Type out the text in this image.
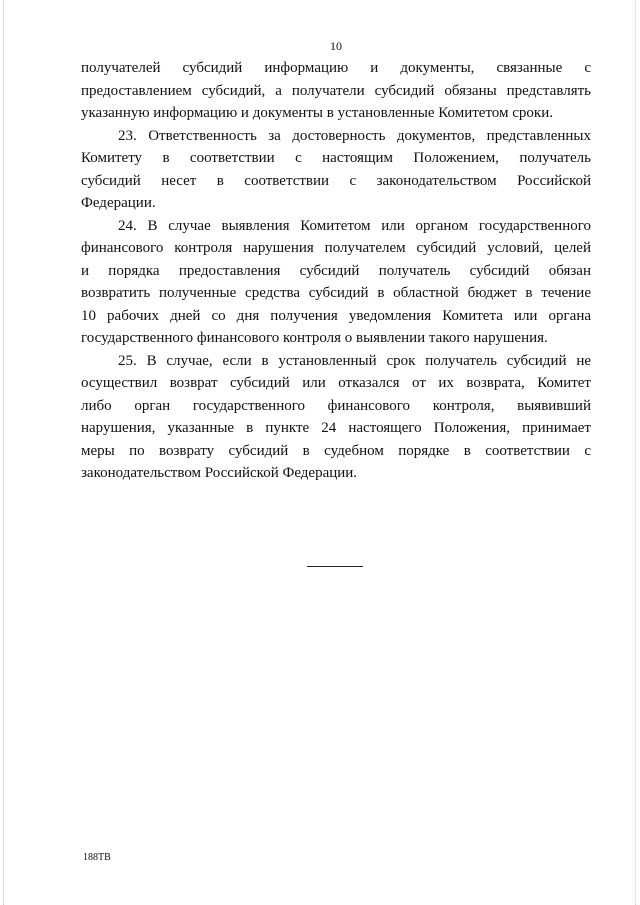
10
получателей субсидий информацию и документы, связанные с
предоставлением субсидий, а получатели субсидий обязаны представлять
указанную информацию и документы в установленные Комитетом сроки.
23. Ответственность за достоверность документов, представленных
Комитету в соответствии с настоящим Положением, получатель
субсидий несет в соответствии с законодательством Российской
Федерации.
24. В случае выявления Комитетом или органом государственного
финансового контроля нарушения получателем субсидий условий, целей
и порядка предоставления субсидий получатель субсидий обязан
возвратить полученные средства субсидий в областной бюджет в течение
10 рабочих дней со дня получения уведомления Комитета или органа
государственного финансового контроля о выявлении такого нарушения.
25. В случае, если в установленный срок получатель субсидий не
осуществил возврат субсидий или отказался от их возврата, Комитет
либо орган государственного финансового контроля, выявивший
нарушения, указанные в пункте 24 настоящего Положения, принимает
меры по возврату субсидий в судебном порядке в соответствии с
законодательством Российской Федерации.
188ТВ
